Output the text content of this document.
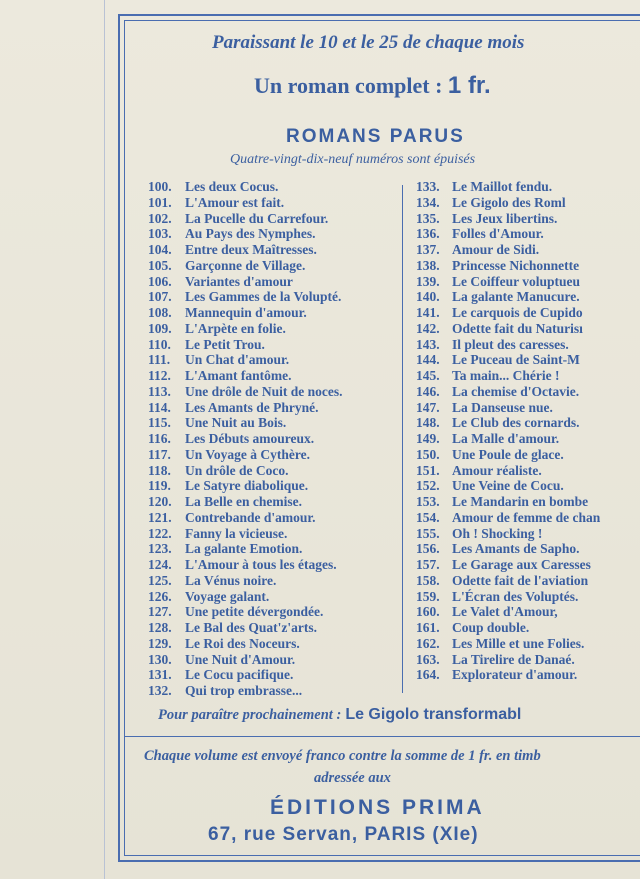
Paraissant le 10 et le 25 de chaque mois
Un roman complet : 1 fr.
ROMANS PARUS
Quatre-vingt-dix-neuf numéros sont épuisés
100. Les deux Cocus.
101. L'Amour est fait.
102. La Pucelle du Carrefour.
103. Au Pays des Nymphes.
104. Entre deux Maîtresses.
105. Garçonne de Village.
106. Variantes d'amour
107. Les Gammes de la Volupté.
108. Mannequin d'amour.
109. L'Arpète en folie.
110. Le Petit Trou.
111. Un Chat d'amour.
112. L'Amant fantôme.
113. Une drôle de Nuit de noces.
114. Les Amants de Phryné.
115. Une Nuit au Bois.
116. Les Débuts amoureux.
117. Un Voyage à Cythère.
118. Un drôle de Coco.
119. Le Satyre diabolique.
120. La Belle en chemise.
121. Contrebande d'amour.
122. Fanny la vicieuse.
123. La galante Emotion.
124. L'Amour à tous les étages.
125. La Vénus noire.
126. Voyage galant.
127. Une petite dévergondée.
128. Le Bal des Quat'z'arts.
129. Le Roi des Noceurs.
130. Une Nuit d'Amour.
131. Le Cocu pacifique.
132. Qui trop embrasse...
133. Le Maillot fendu.
134. Le Gigolo des Roml
135. Les Jeux libertins.
136. Folles d'Amour.
137. Amour de Sidi.
138. Princesse Nichonnette
139. Le Coiffeur voluptueu
140. La galante Manucure.
141. Le carquois de Cupido
142. Odette fait du Naturisı
143. Il pleut des caresses.
144. Le Puceau de Saint-M
145. Ta main... Chérie !
146. La chemise d'Octavie.
147. La Danseuse nue.
148. Le Club des cornards.
149. La Malle d'amour.
150. Une Poule de glace.
151. Amour réaliste.
152. Une Veine de Cocu.
153. Le Mandarin en bombe
154. Amour de femme de chan
155. Oh ! Shocking !
156. Les Amants de Sapho.
157. Le Garage aux Caresses
158. Odette fait de l'aviation
159. L'Écran des Voluptés.
160. Le Valet d'Amour,
161. Coup double.
162. Les Mille et une Folies.
163. La Tirelire de Danaé.
164. Explorateur d'amour.
Pour paraître prochainement : Le Gigolo transformabl
Chaque volume est envoyé franco contre la somme de 1 fr. en timb
adressée aux
ÉDITIONS PRIMA
67, rue Servan, PARIS (XIe)
